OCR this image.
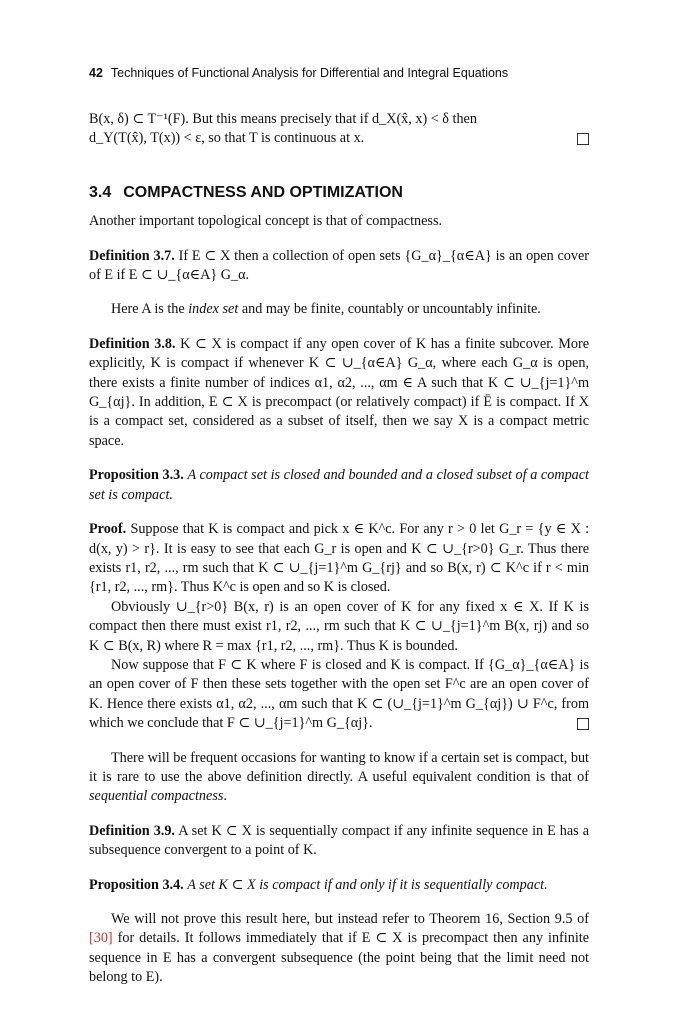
42 Techniques of Functional Analysis for Differential and Integral Equations

B(x, δ) ⊂ T⁻¹(F). But this means precisely that if d_X(x̂, x) < δ then
d_Y(T(x̂), T(x)) < ε, so that T is continuous at x.

3.4 COMPACTNESS AND OPTIMIZATION

Another important topological concept is that of compactness.

Definition 3.7. If E ⊂ X then a collection of open sets {G_α}_{α∈A} is an open cover of E if E ⊂ ∪_{α∈A} G_α.

Here A is the index set and may be finite, countably or uncountably infinite.

Definition 3.8. K ⊂ X is compact if any open cover of K has a finite subcover. More explicitly, K is compact if whenever K ⊂ ∪_{α∈A} G_α, where each G_α is open, there exists a finite number of indices α1, α2, ..., αm ∈ A such that K ⊂ ∪_{j=1}^m G_{αj}. In addition, E ⊂ X is precompact (or relatively compact) if Ē is compact. If X is a compact set, considered as a subset of itself, then we say X is a compact metric space.

Proposition 3.3. A compact set is closed and bounded and a closed subset of a compact set is compact.

Proof. Suppose that K is compact and pick x ∈ K^c. For any r > 0 let G_r = {y ∈ X : d(x, y) > r}. It is easy to see that each G_r is open and K ⊂ ∪_{r>0} G_r. Thus there exists r1, r2, ..., rm such that K ⊂ ∪_{j=1}^m G_{rj} and so B(x, r) ⊂ K^c if r < min {r1, r2, ..., rm}. Thus K^c is open and so K is closed.

Obviously ∪_{r>0} B(x, r) is an open cover of K for any fixed x ∈ X. If K is compact then there must exist r1, r2, ..., rm such that K ⊂ ∪_{j=1}^m B(x, rj) and so K ⊂ B(x, R) where R = max {r1, r2, ..., rm}. Thus K is bounded.

Now suppose that F ⊂ K where F is closed and K is compact. If {G_α}_{α∈A} is an open cover of F then these sets together with the open set F^c are an open cover of K. Hence there exists α1, α2, ..., αm such that K ⊂ (∪_{j=1}^m G_{αj}) ∪ F^c, from which we conclude that F ⊂ ∪_{j=1}^m G_{αj}.

There will be frequent occasions for wanting to know if a certain set is compact, but it is rare to use the above definition directly. A useful equivalent condition is that of sequential compactness.

Definition 3.9. A set K ⊂ X is sequentially compact if any infinite sequence in E has a subsequence convergent to a point of K.

Proposition 3.4. A set K ⊂ X is compact if and only if it is sequentially compact.

We will not prove this result here, but instead refer to Theorem 16, Section 9.5 of [30] for details. It follows immediately that if E ⊂ X is precompact then any infinite sequence in E has a convergent subsequence (the point being that the limit need not belong to E).
